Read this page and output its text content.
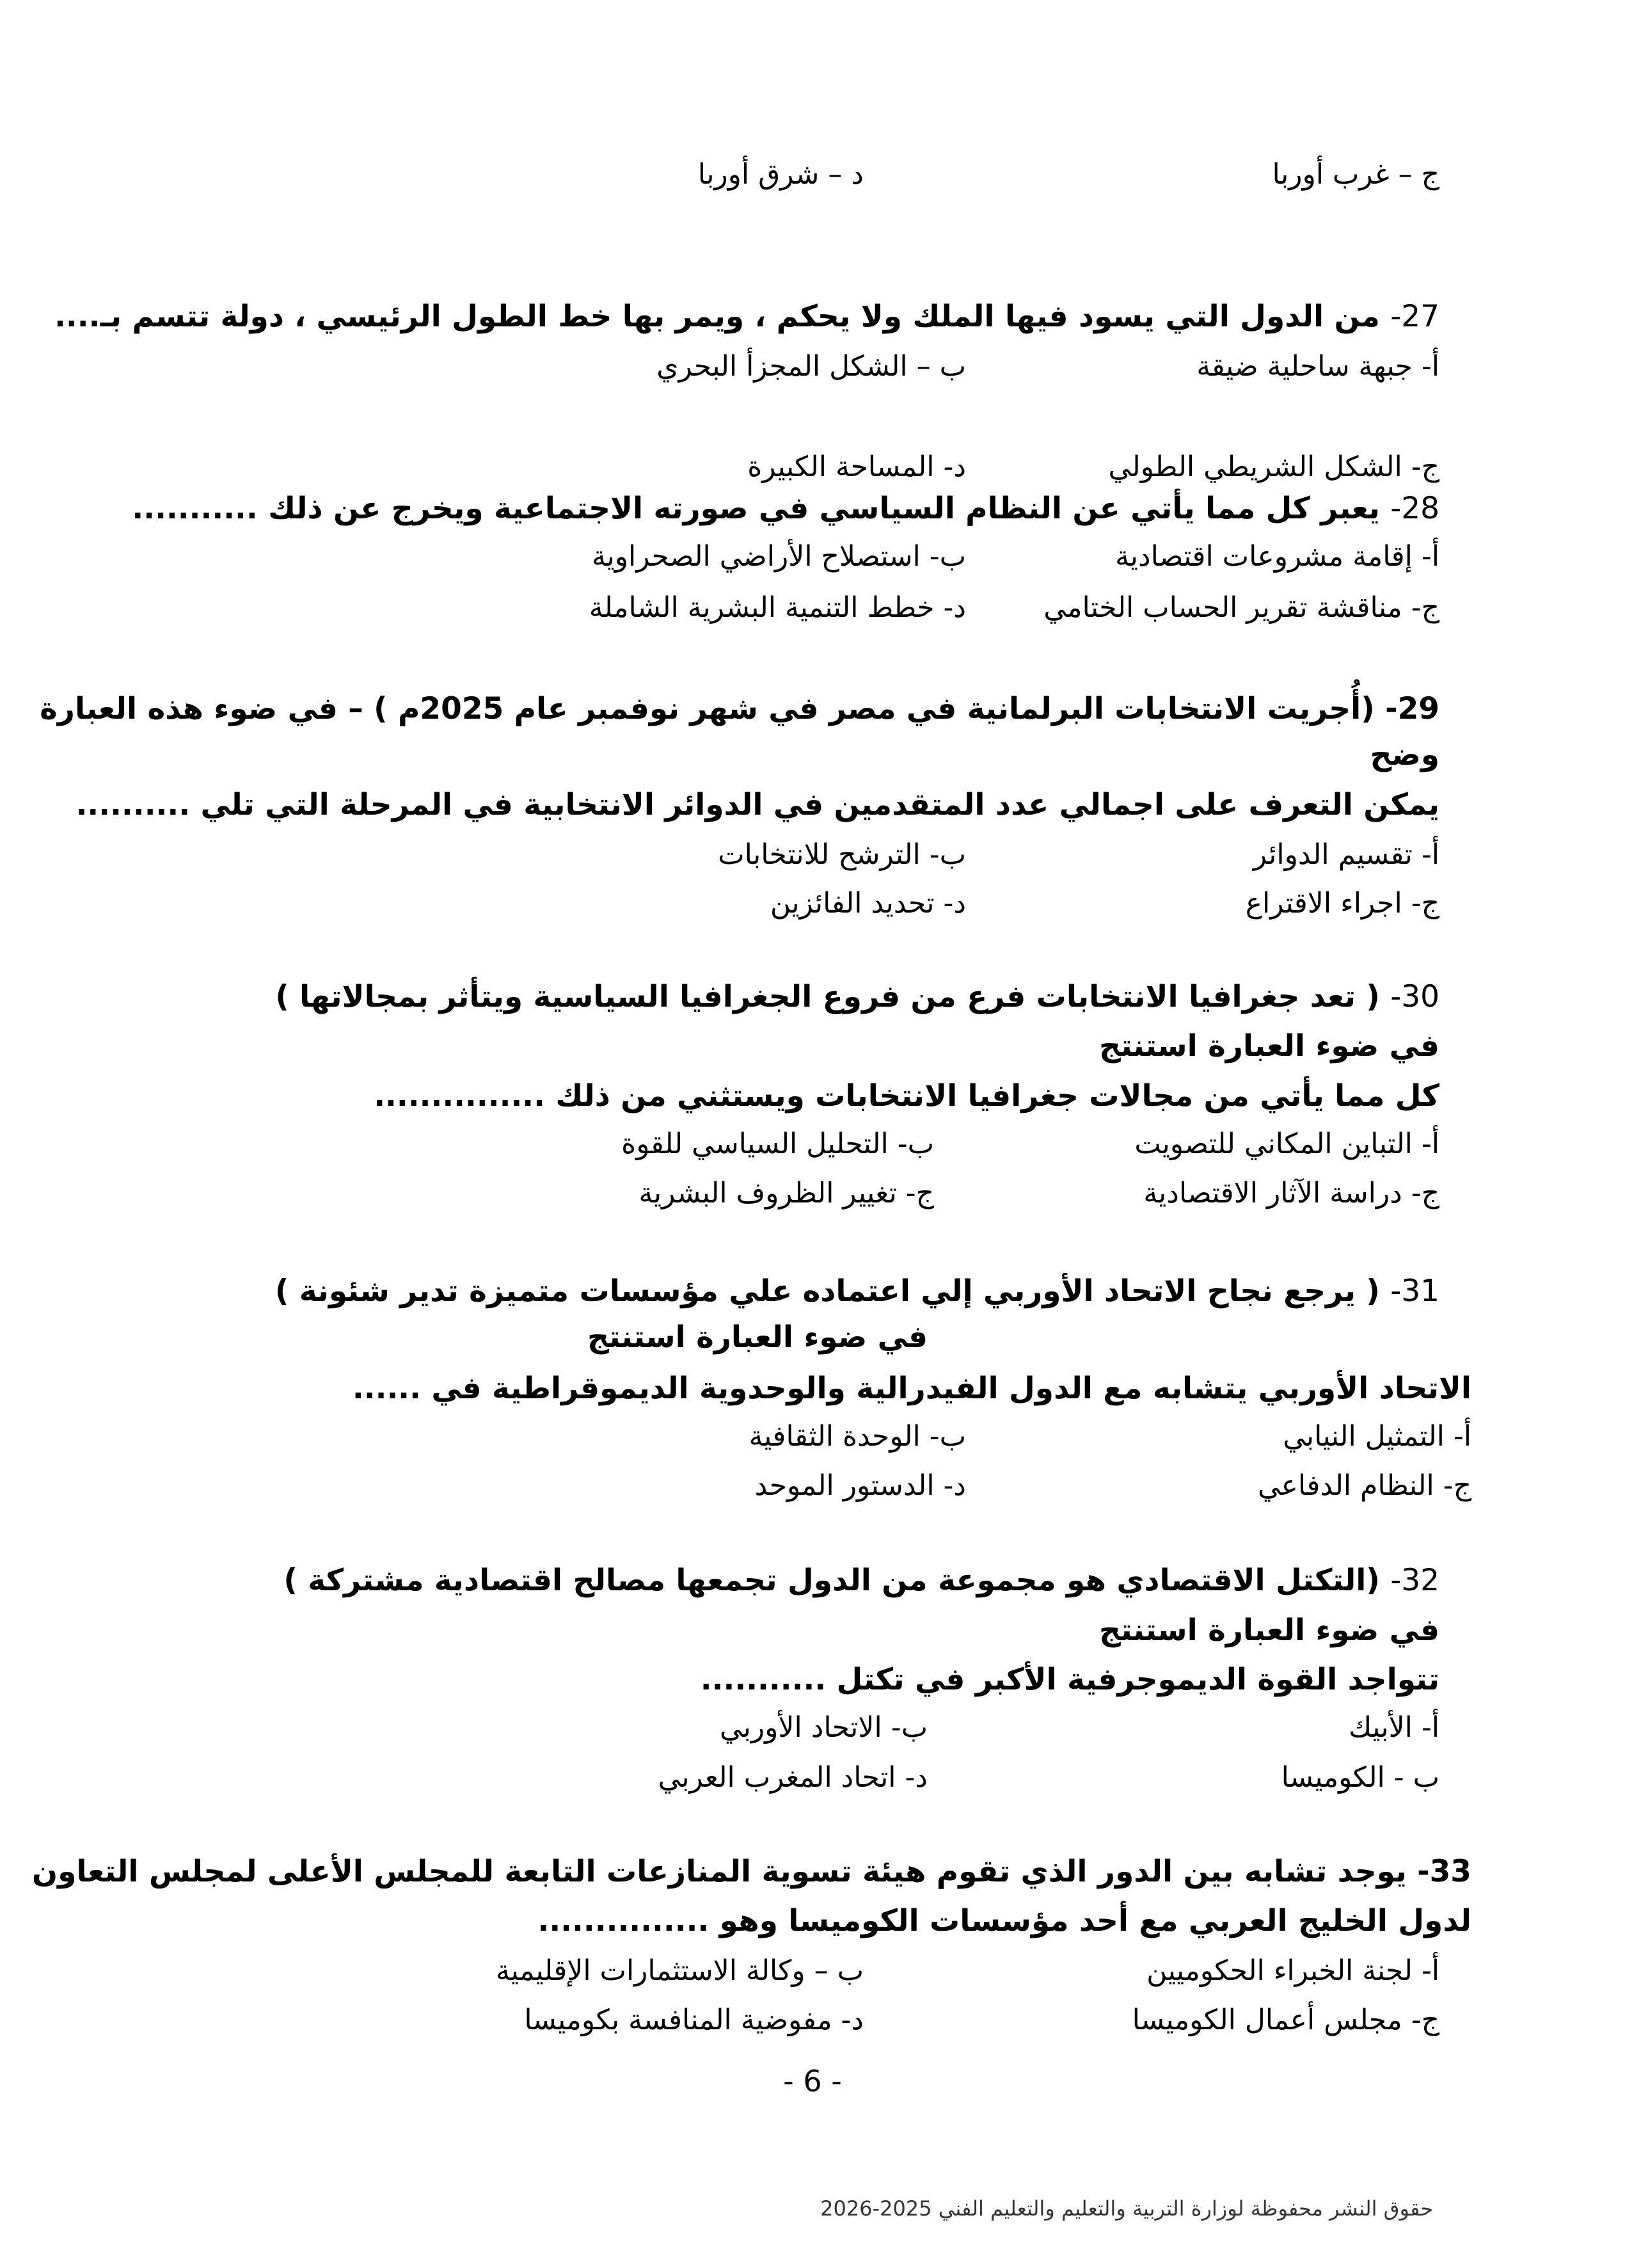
ج – غرب أوربا
د – شرق أوربا
27- من الدول التي يسود فيها الملك ولا يحكم ، ويمر بها خط الطول الرئيسي ، دولة تتسم بـ....
أ- جبهة ساحلية ضيقة
ب – الشكل المجزأ البحري
ج- الشكل الشريطي الطولي
د- المساحة الكبيرة
28- يعبر كل مما يأتي عن النظام السياسي في صورته الاجتماعية ويخرج عن ذلك ...........
أ- إقامة مشروعات اقتصادية
ب- استصلاح الأراضي الصحراوية
ج- مناقشة تقرير الحساب الختامي
د- خطط التنمية البشرية الشاملة
29- (أُجريت الانتخابات البرلمانية في مصر في شهر نوفمبر عام 2025م ) – في ضوء هذه العبارة
وضح
يمكن التعرف على اجمالي عدد المتقدمين في الدوائر الانتخابية في المرحلة التي تلي ..........
أ- تقسيم الدوائر
ب- الترشح للانتخابات
ج- اجراء الاقتراع
د- تحديد الفائزين
30- ( تعد جغرافيا الانتخابات فرع من فروع الجغرافيا السياسية ويتأثر بمجالاتها )
في ضوء العبارة استنتج
كل مما يأتي من مجالات جغرافيا الانتخابات ويستثني من ذلك ...............
أ- التباين المكاني للتصويت
ب- التحليل السياسي للقوة
ج- دراسة الآثار الاقتصادية
ج- تغيير الظروف البشرية
31- ( يرجع نجاح الاتحاد الأوربي إلي اعتماده علي مؤسسات متميزة تدير شئونة )
في ضوء العبارة استنتج
الاتحاد الأوربي يتشابه مع الدول الفيدرالية والوحدوية الديموقراطية في ......
أ- التمثيل النيابي
ب- الوحدة الثقافية
ج- النظام الدفاعي
د- الدستور الموحد
32- (التكتل الاقتصادي هو مجموعة من الدول تجمعها مصالح اقتصادية مشتركة )
في ضوء العبارة استنتج
تتواجد القوة الديموجرفية الأكبر في تكتل ...........
أ- الأبيك
ب- الاتحاد الأوربي
ب - الكوميسا
د- اتحاد المغرب العربي
33- يوجد تشابه بين الدور الذي تقوم هيئة تسوية المنازعات التابعة للمجلس الأعلى لمجلس التعاون
لدول الخليج العربي مع أحد مؤسسات الكوميسا وهو ...............
أ- لجنة الخبراء الحكوميين
ب – وكالة الاستثمارات الإقليمية
ج- مجلس أعمال الكوميسا
د- مفوضية المنافسة بكوميسا
- 6 -
حقوق النشر محفوظة لوزارة التربية والتعليم والتعليم الفني 2025-2026
